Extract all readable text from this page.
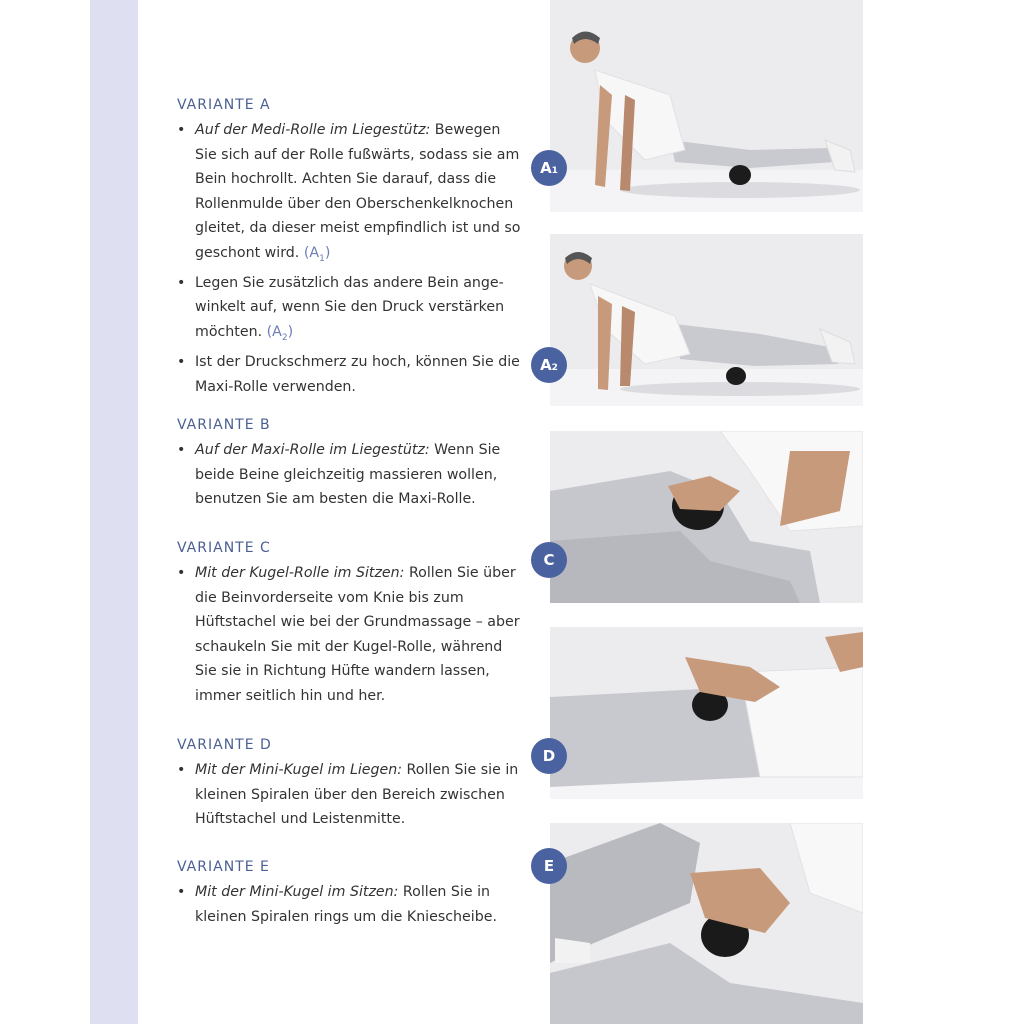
VARIANTE A
• Auf der Medi-Rolle im Liegestütz: Bewegen Sie sich auf der Rolle fußwärts, sodass sie am Bein hochrollt. Achten Sie darauf, dass die Rollenmulde über den Oberschenkelknochen gleitet, da dieser meist empfindlich ist und so geschont wird. $(A_1)$
• Legen Sie zusätzlich das andere Bein angewinkelt auf, wenn Sie den Druck verstärken möchten. $(A_2)$
• Ist der Druckschmerz zu hoch, können Sie die Maxi-Rolle verwenden.
VARIANTE B
• Auf der Maxi-Rolle im Liegestütz: Wenn Sie beide Beine gleichzeitig massieren wollen, benutzen Sie am besten die Maxi-Rolle.
VARIANTE C
• Mit der Kugel-Rolle im Sitzen: Rollen Sie über die Beinvorderseite vom Knie bis zum Hüftstachel wie bei der Grundmassage – aber schaukeln Sie mit der Kugel-Rolle, während Sie sie in Richtung Hüfte wandern lassen, immer seitlich hin und her.
VARIANTE D
• Mit der Mini-Kugel im Liegen: Rollen Sie sie in kleinen Spiralen über den Bereich zwischen Hüftstachel und Leistenmitte.
VARIANTE E
• Mit der Mini-Kugel im Sitzen: Rollen Sie in kleinen Spiralen rings um die Kniescheibe.
$A_1$
$A_2$
C
D
E
